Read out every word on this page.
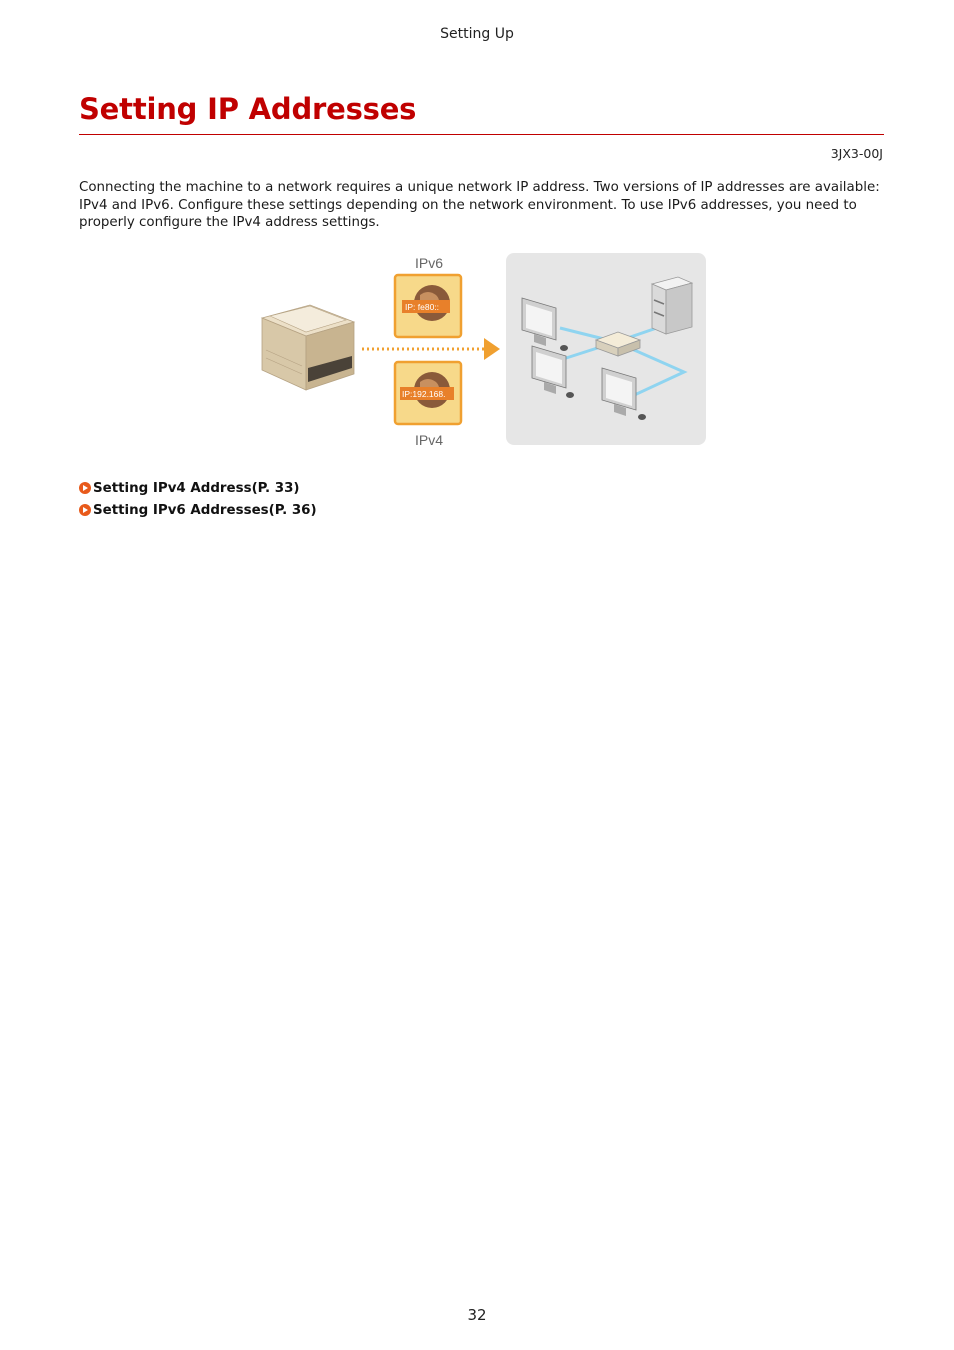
Setting Up
Setting IP Addresses
3JX3-00J

Connecting the machine to a network requires a unique network IP address. Two versions of IP addresses are available: IPv4 and IPv6. Configure these settings depending on the network environment. To use IPv6 addresses, you need to properly configure the IPv4 address settings.

IPv6
IP: fe80::
IP:192.168.
IPv4
Setting IPv4 Address(P. 33)
Setting IPv6 Addresses(P. 36)
32
